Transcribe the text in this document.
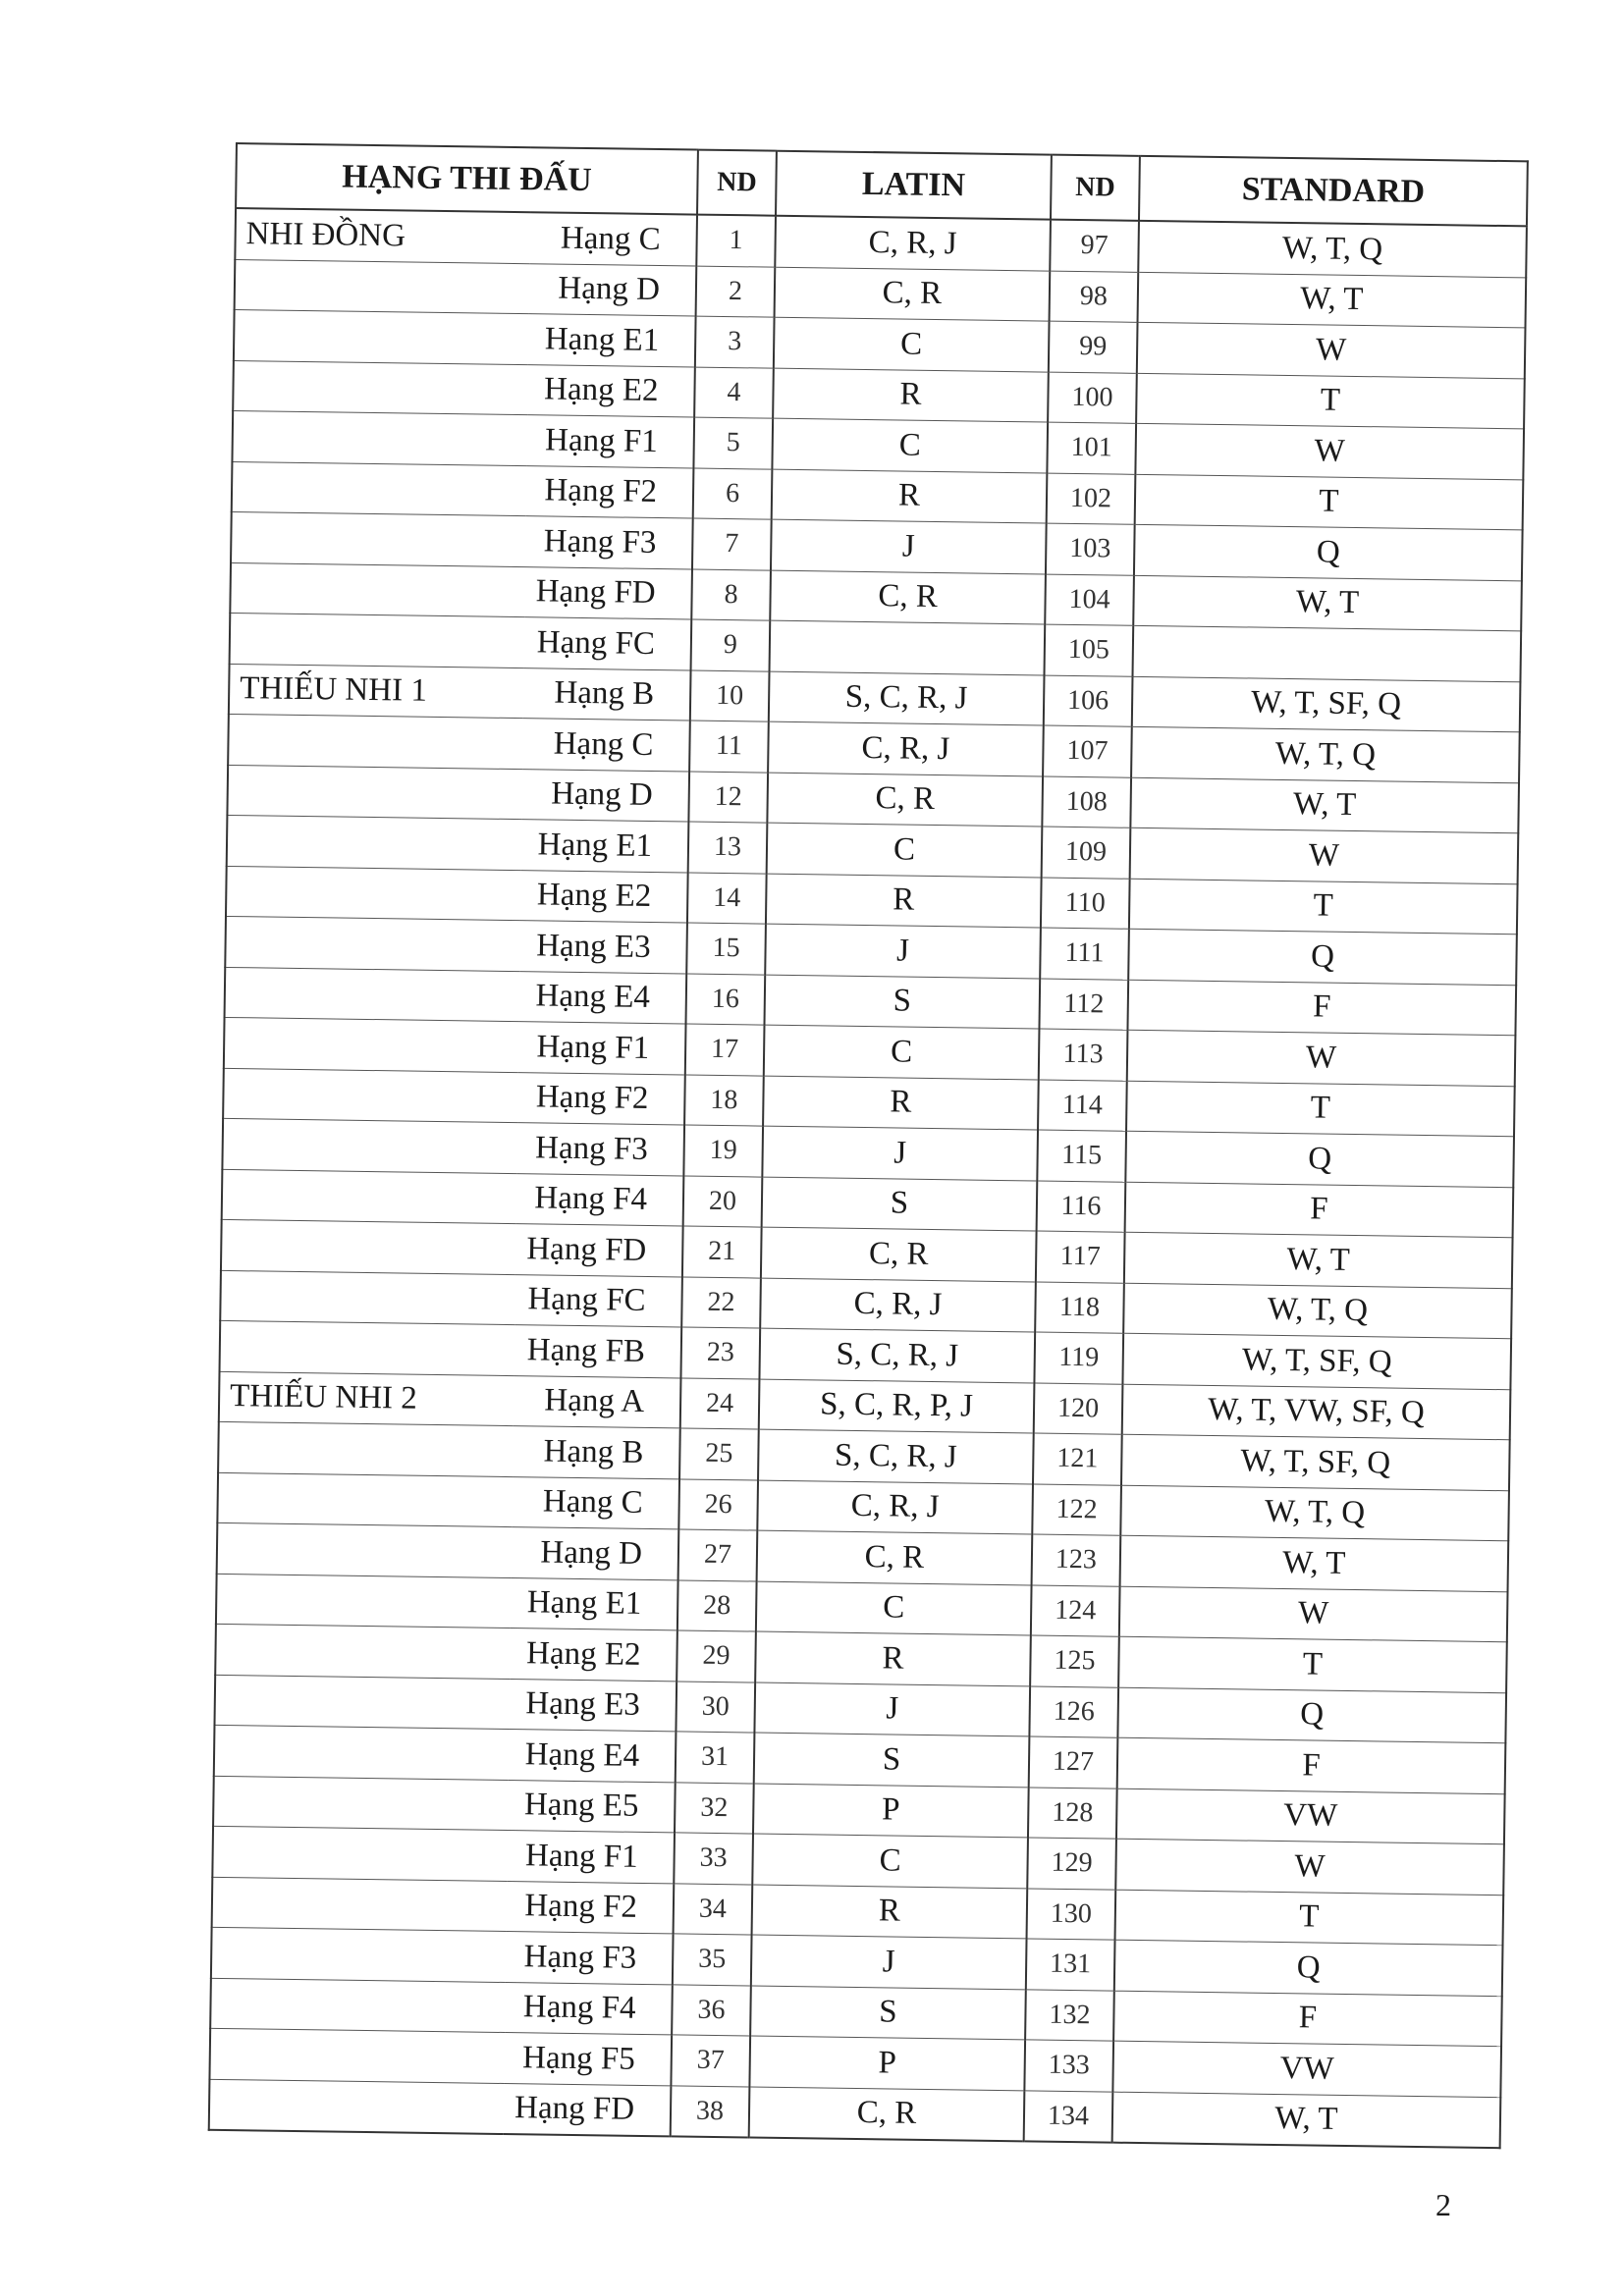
HẠNG THI ĐẤU		ND	LATIN	ND	STANDARD
NHI ĐỒNG	Hạng C	1	C, R, J	97	W, T, Q
	Hạng D	2	C, R	98	W, T
	Hạng E1	3	C	99	W
	Hạng E2	4	R	100	T
	Hạng F1	5	C	101	W
	Hạng F2	6	R	102	T
	Hạng F3	7	J	103	Q
	Hạng FD	8	C, R	104	W, T
	Hạng FC	9		105	
THIẾU NHI 1	Hạng B	10	S, C, R, J	106	W, T, SF, Q
	Hạng C	11	C, R, J	107	W, T, Q
	Hạng D	12	C, R	108	W, T
	Hạng E1	13	C	109	W
	Hạng E2	14	R	110	T
	Hạng E3	15	J	111	Q
	Hạng E4	16	S	112	F
	Hạng F1	17	C	113	W
	Hạng F2	18	R	114	T
	Hạng F3	19	J	115	Q
	Hạng F4	20	S	116	F
	Hạng FD	21	C, R	117	W, T
	Hạng FC	22	C, R, J	118	W, T, Q
	Hạng FB	23	S, C, R, J	119	W, T, SF, Q
THIẾU NHI 2	Hạng A	24	S, C, R, P, J	120	W, T, VW, SF, Q
	Hạng B	25	S, C, R, J	121	W, T, SF, Q
	Hạng C	26	C, R, J	122	W, T, Q
	Hạng D	27	C, R	123	W, T
	Hạng E1	28	C	124	W
	Hạng E2	29	R	125	T
	Hạng E3	30	J	126	Q
	Hạng E4	31	S	127	F
	Hạng E5	32	P	128	VW
	Hạng F1	33	C	129	W
	Hạng F2	34	R	130	T
	Hạng F3	35	J	131	Q
	Hạng F4	36	S	132	F
	Hạng F5	37	P	133	VW
	Hạng FD	38	C, R	134	W, T
2
